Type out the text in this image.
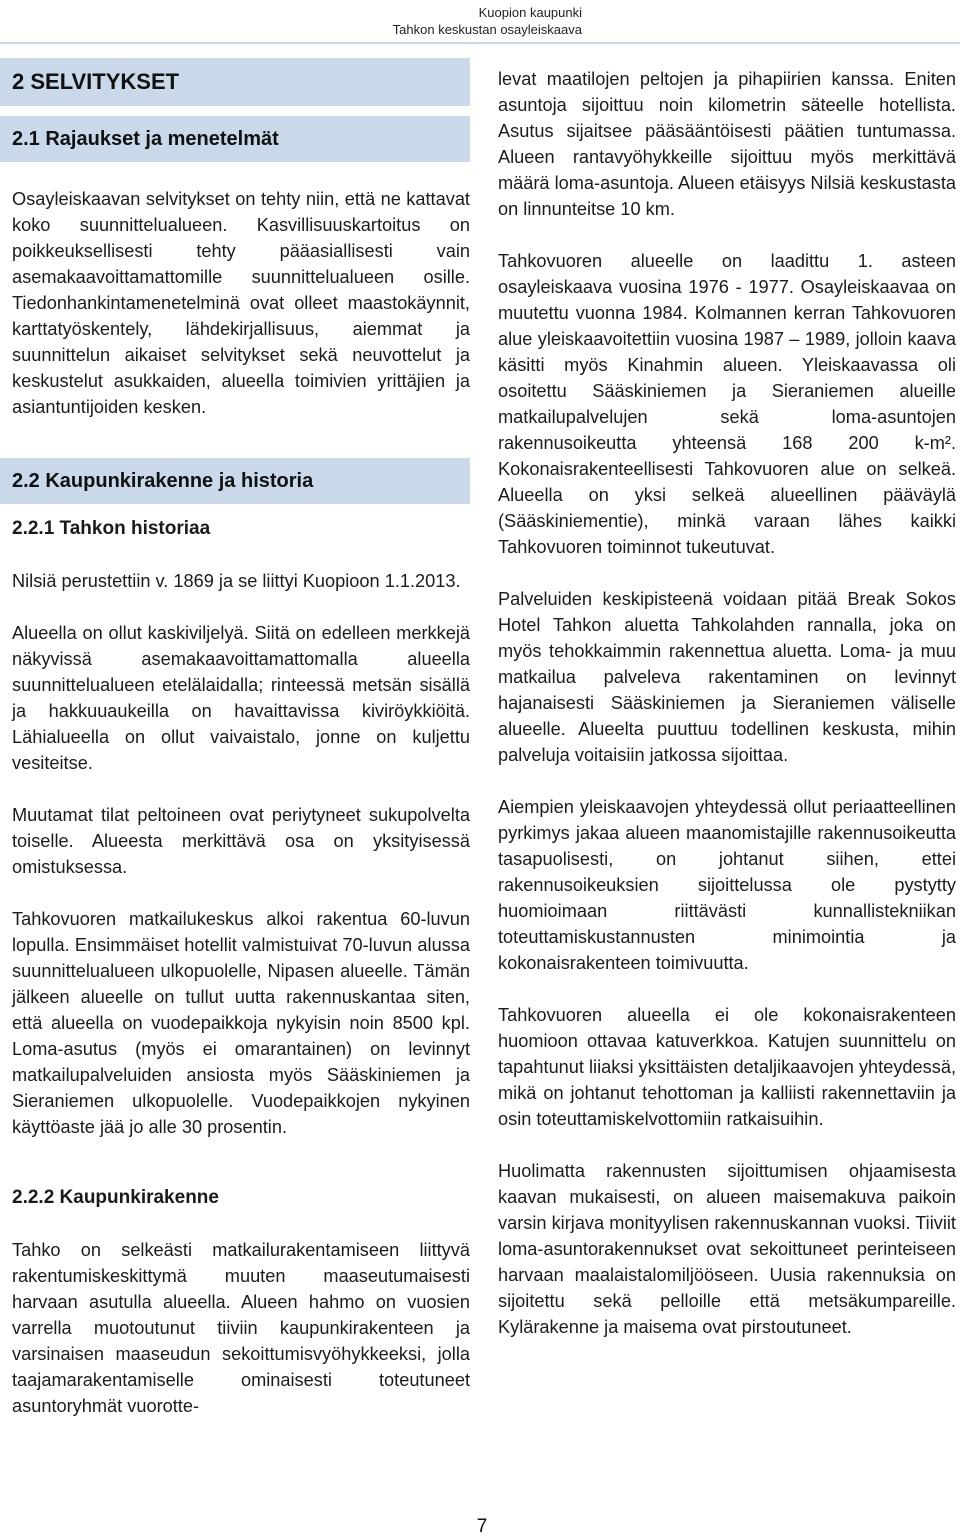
Kuopion kaupunki
Tahkon keskustan osayleiskaava
2 SELVITYKSET
2.1 Rajaukset ja menetelmät

Osayleiskaavan selvitykset on tehty niin, että ne kattavat koko suunnittelualueen. Kasvillisuuskartoitus on poikkeuksellisesti tehty pääasiallisesti vain asemakaavoittamattomille suunnittelualueen osille. Tiedonhankintamenetelminä ovat olleet maastokäynnit, karttatyöskentely, lähdekirjallisuus, aiemmat ja suunnittelun aikaiset selvitykset sekä neuvottelut ja keskustelut asukkaiden, alueella toimivien yrittäjien ja asiantuntijoiden kesken.

2.2 Kaupunkirakenne ja historia
2.2.1 Tahkon historiaa

Nilsiä perustettiin v. 1869 ja se liittyi Kuopioon 1.1.2013.

Alueella on ollut kaskiviljelyä. Siitä on edelleen merkkejä näkyvissä asemakaavoittamattomalla alueella suunnittelualueen etelälaidalla; rinteessä metsän sisällä ja hakkuuaukeilla on havaittavissa kiviröykkiöitä. Lähialueella on ollut vaivaistalo, jonne on kuljettu vesiteitse.

Muutamat tilat peltoineen ovat periytyneet sukupolvelta toiselle. Alueesta merkittävä osa on yksityisessä omistuksessa.

Tahkovuoren matkailukeskus alkoi rakentua 60-luvun lopulla. Ensimmäiset hotellit valmistuivat 70-luvun alussa suunnittelualueen ulkopuolelle, Nipasen alueelle. Tämän jälkeen alueelle on tullut uutta rakennuskantaa siten, että alueella on vuodepaikkoja nykyisin noin 8500 kpl. Loma-asutus (myös ei omarantainen) on levinnyt matkailupalveluiden ansiosta myös Sääskiniemen ja Sieraniemen ulkopuolelle. Vuodepaikkojen nykyinen käyttöaste jää jo alle 30 prosentin.

2.2.2 Kaupunkirakenne

Tahko on selkeästi matkailurakentamiseen liittyvä rakentumiskeskittymä muuten maaseutumaisesti harvaan asutulla alueella. Alueen hahmo on vuosien varrella muotoutunut tiiviin kaupunkirakenteen ja varsinaisen maaseudun sekoittumisvyöhykkeeksi, jolla taajamarakentamiselle ominaisesti toteutuneet asuntoryhmät vuorotte-

levat maatilojen peltojen ja pihapiirien kanssa. Eniten asuntoja sijoittuu noin kilometrin säteelle hotellista. Asutus sijaitsee pääsääntöisesti päätien tuntumassa. Alueen rantavyöhykkeille sijoittuu myös merkittävä määrä loma-asuntoja. Alueen etäisyys Nilsiä keskustasta on linnunteitse 10 km.

Tahkovuoren alueelle on laadittu 1. asteen osayleiskaava vuosina 1976 - 1977. Osayleiskaavaa on muutettu vuonna 1984. Kolmannen kerran Tahkovuoren alue yleiskaavoitettiin vuosina 1987 – 1989, jolloin kaava käsitti myös Kinahmin alueen. Yleiskaavassa oli osoitettu Sääskiniemen ja Sieraniemen alueille matkailupalvelujen sekä loma-asuntojen rakennusoikeutta yhteensä 168 200 k-m². Kokonaisrakenteellisesti Tahkovuoren alue on selkeä. Alueella on yksi selkeä alueellinen pääväylä (Sääskiniementie), minkä varaan lähes kaikki Tahkovuoren toiminnot tukeutuvat.

Palveluiden keskipisteenä voidaan pitää Break Sokos Hotel Tahkon aluetta Tahkolahden rannalla, joka on myös tehokkaimmin rakennettua aluetta. Loma- ja muu matkailua palveleva rakentaminen on levinnyt hajanaisesti Sääskiniemen ja Sieraniemen väliselle alueelle. Alueelta puuttuu todellinen keskusta, mihin palveluja voitaisiin jatkossa sijoittaa.

Aiempien yleiskaavojen yhteydessä ollut periaatteellinen pyrkimys jakaa alueen maanomistajille rakennusoikeutta tasapuolisesti, on johtanut siihen, ettei rakennusoikeuksien sijoittelussa ole pystytty huomioimaan riittävästi kunnallistekniikan toteuttamiskustannusten minimointia ja kokonaisrakenteen toimivuutta.

Tahkovuoren alueella ei ole kokonaisrakenteen huomioon ottavaa katuverkkoa. Katujen suunnittelu on tapahtunut liiaksi yksittäisten detaljikaavojen yhteydessä, mikä on johtanut tehottoman ja kalliisti rakennettaviin ja osin toteuttamiskelvottomiin ratkaisuihin.

Huolimatta rakennusten sijoittumisen ohjaamisesta kaavan mukaisesti, on alueen maisemakuva paikoin varsin kirjava monityylisen rakennuskannan vuoksi. Tiiviit loma-asuntorakennukset ovat sekoittuneet perinteiseen harvaan maalaistalomiljööseen. Uusia rakennuksia on sijoitettu sekä pelloille että metsäkumpareille. Kylärakenne ja maisema ovat pirstoutuneet.

7
